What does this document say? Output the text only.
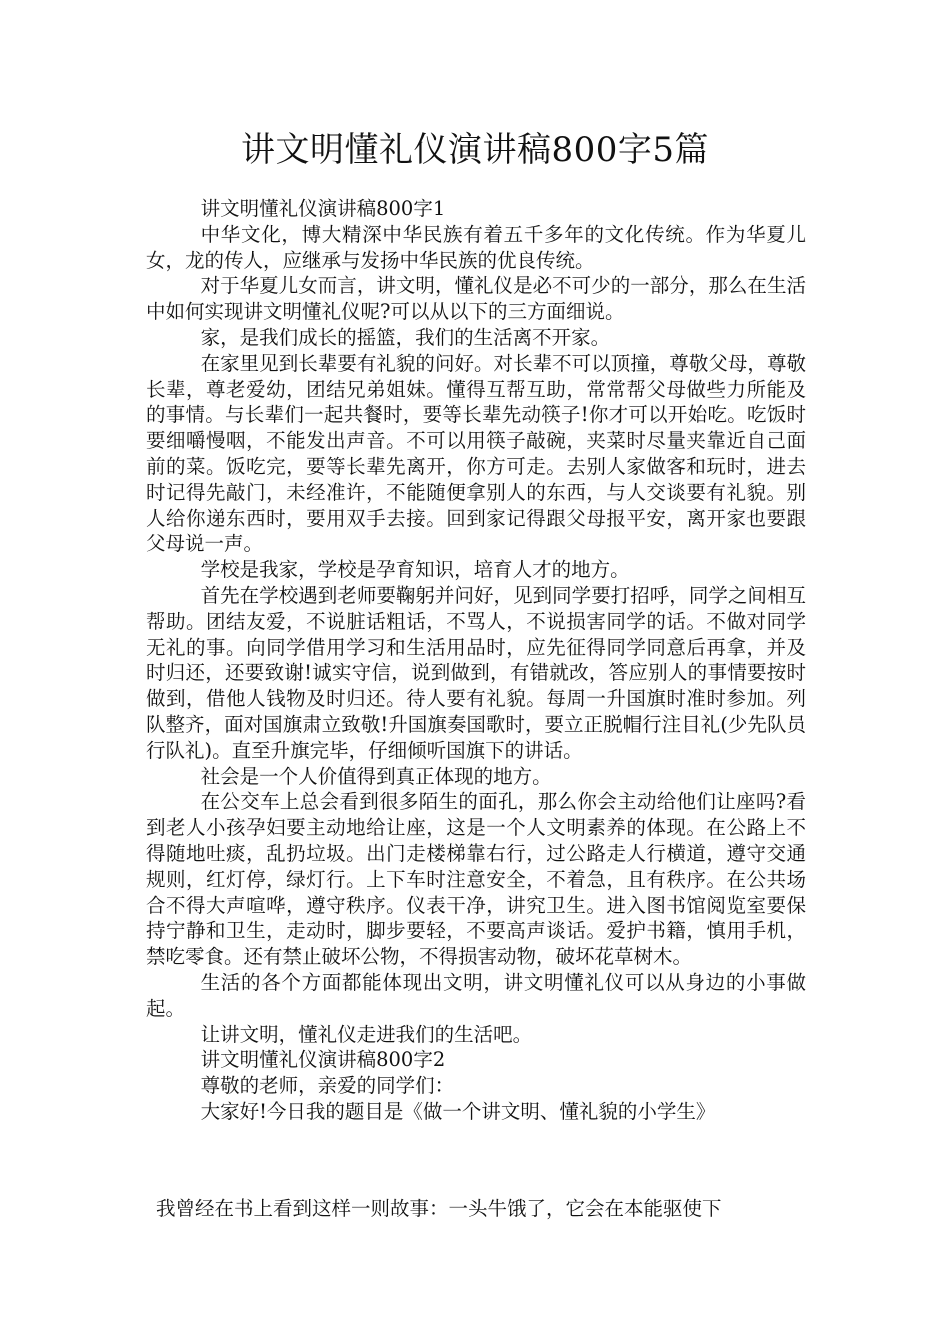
讲文明懂礼仪演讲稿800字5篇

讲文明懂礼仪演讲稿800字1

中华文化，博大精深中华民族有着五千多年的文化传统。作为华夏儿女，龙的传人，应继承与发扬中华民族的优良传统。

对于华夏儿女而言，讲文明，懂礼仪是必不可少的一部分，那么在生活中如何实现讲文明懂礼仪呢?可以从以下的三方面细说。

家，是我们成长的摇篮，我们的生活离不开家。

在家里见到长辈要有礼貌的问好。对长辈不可以顶撞，尊敬父母，尊敬长辈，尊老爱幼，团结兄弟姐妹。懂得互帮互助，常常帮父母做些力所能及的事情。与长辈们一起共餐时，要等长辈先动筷子!你才可以开始吃。吃饭时要细嚼慢咽，不能发出声音。不可以用筷子敲碗，夹菜时尽量夹靠近自己面前的菜。饭吃完，要等长辈先离开，你方可走。去别人家做客和玩时，进去时记得先敲门，未经准许，不能随便拿别人的东西，与人交谈要有礼貌。别人给你递东西时，要用双手去接。回到家记得跟父母报平安，离开家也要跟父母说一声。

学校是我家，学校是孕育知识，培育人才的地方。

首先在学校遇到老师要鞠躬并问好，见到同学要打招呼，同学之间相互帮助。团结友爱，不说脏话粗话，不骂人，不说损害同学的话。不做对同学无礼的事。向同学借用学习和生活用品时，应先征得同学同意后再拿，并及时归还，还要致谢!诚实守信，说到做到，有错就改，答应别人的事情要按时做到，借他人钱物及时归还。待人要有礼貌。每周一升国旗时准时参加。列队整齐，面对国旗肃立致敬!升国旗奏国歌时，要立正脱帽行注目礼(少先队员行队礼)。直至升旗完毕，仔细倾听国旗下的讲话。

社会是一个人价值得到真正体现的地方。

在公交车上总会看到很多陌生的面孔，那么你会主动给他们让座吗?看到老人小孩孕妇要主动地给让座，这是一个人文明素养的体现。在公路上不得随地吐痰，乱扔垃圾。出门走楼梯靠右行，过公路走人行横道，遵守交通规则，红灯停，绿灯行。上下车时注意安全，不着急，且有秩序。在公共场合不得大声喧哗，遵守秩序。仪表干净，讲究卫生。进入图书馆阅览室要保持宁静和卫生，走动时，脚步要轻，不要高声谈话。爱护书籍，慎用手机，禁吃零食。还有禁止破坏公物，不得损害动物，破坏花草树木。

生活的各个方面都能体现出文明，讲文明懂礼仪可以从身边的小事做起。

让讲文明，懂礼仪走进我们的生活吧。

讲文明懂礼仪演讲稿800字2

尊敬的老师，亲爱的同学们：

大家好!今日我的题目是《做一个讲文明、懂礼貌的小学生》

我曾经在书上看到这样一则故事：一头牛饿了，它会在本能驱使下
